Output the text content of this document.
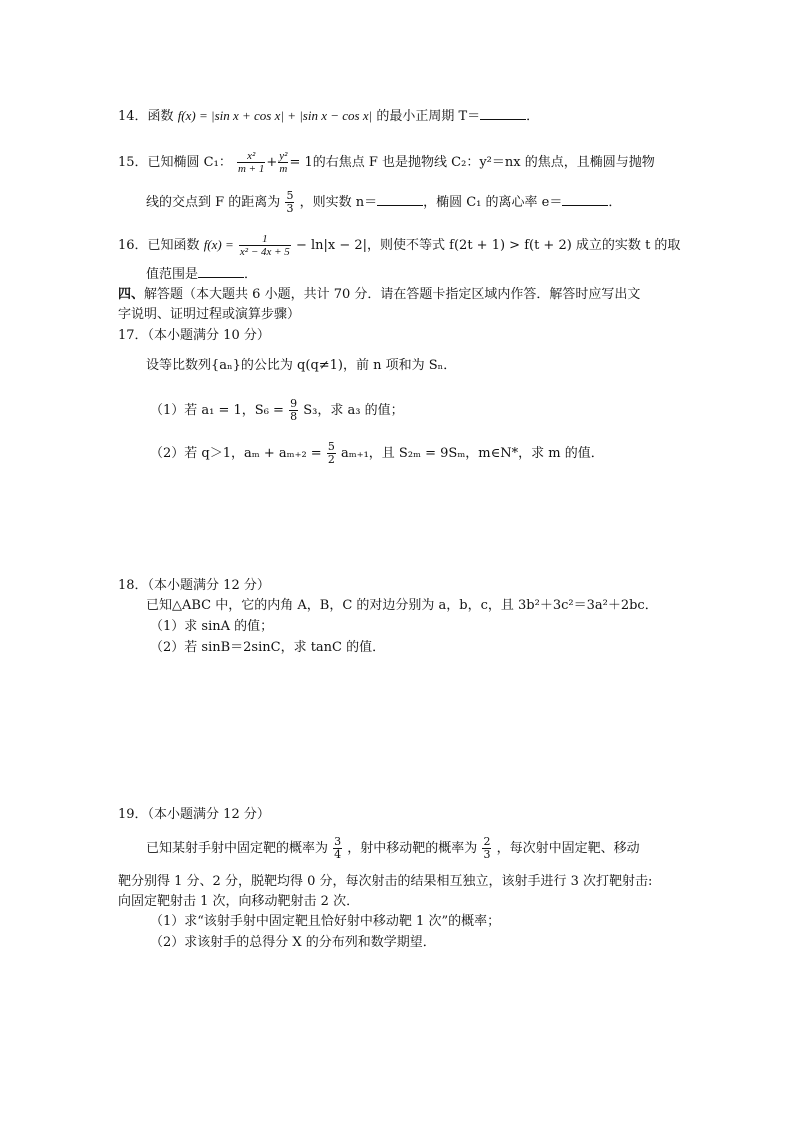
14．函数 f(x) = |sin x + cos x| + |sin x − cos x| 的最小正周期 T＝	．
15．已知椭圆 C₁： $\frac{\text{x²}}{m + 1} + \frac{\text{y²}}{m} = 1$的右焦点 F 也是抛物线 C₂：y²＝nx 的焦点，且椭圆与抛物
线的交点到 F 的距离为 $\frac{5}{3}$ ，则实数 n＝	，椭圆 C₁ 的离心率 e＝	．
16．已知函数 $f(x) = \frac{1}{\text{x² − 4x + 5}} - \ln|x - 2|$，则使不等式 f(2t + 1) > f(t + 2) 成立的实数 t 的取
值范围是	．
四、解答题（本大题共 6 小题，共计 70 分．请在答题卡指定区域内作答．解答时应写出文
字说明、证明过程或演算步骤）
17．（本小题满分 10 分）
设等比数列{aₙ}的公比为 q(q≠1)，前 n 项和为 Sₙ．
（1）若 a₁ = 1，$S_6 = \frac{9}{8} S_3$，求 a₃ 的值；
（2）若 q＞1，$a_m + a_{m+2} = \frac{5}{2} a_{m+1}$，且 S₂ₘ = 9Sₘ，m∈N*，求 m 的值．
18．（本小题满分 12 分）
已知△ABC 中，它的内角 A，B，C 的对边分别为 a，b，c，且 3b²＋3c²＝3a²＋2bc．
（1）求 sinA 的值；
（2）若 sinB＝2sinC，求 tanC 的值．
19．（本小题满分 12 分）
已知某射手射中固定靶的概率为 $\frac{3}{4}$ ，射中移动靶的概率为 $\frac{2}{3}$ ，每次射中固定靶、移动
靶分别得 1 分、2 分，脱靶均得 0 分，每次射击的结果相互独立，该射手进行 3 次打靶射击:
向固定靶射击 1 次，向移动靶射击 2 次．
（1）求“该射手射中固定靶且恰好射中移动靶 1 次”的概率；
（2）求该射手的总得分 X 的分布列和数学期望．
